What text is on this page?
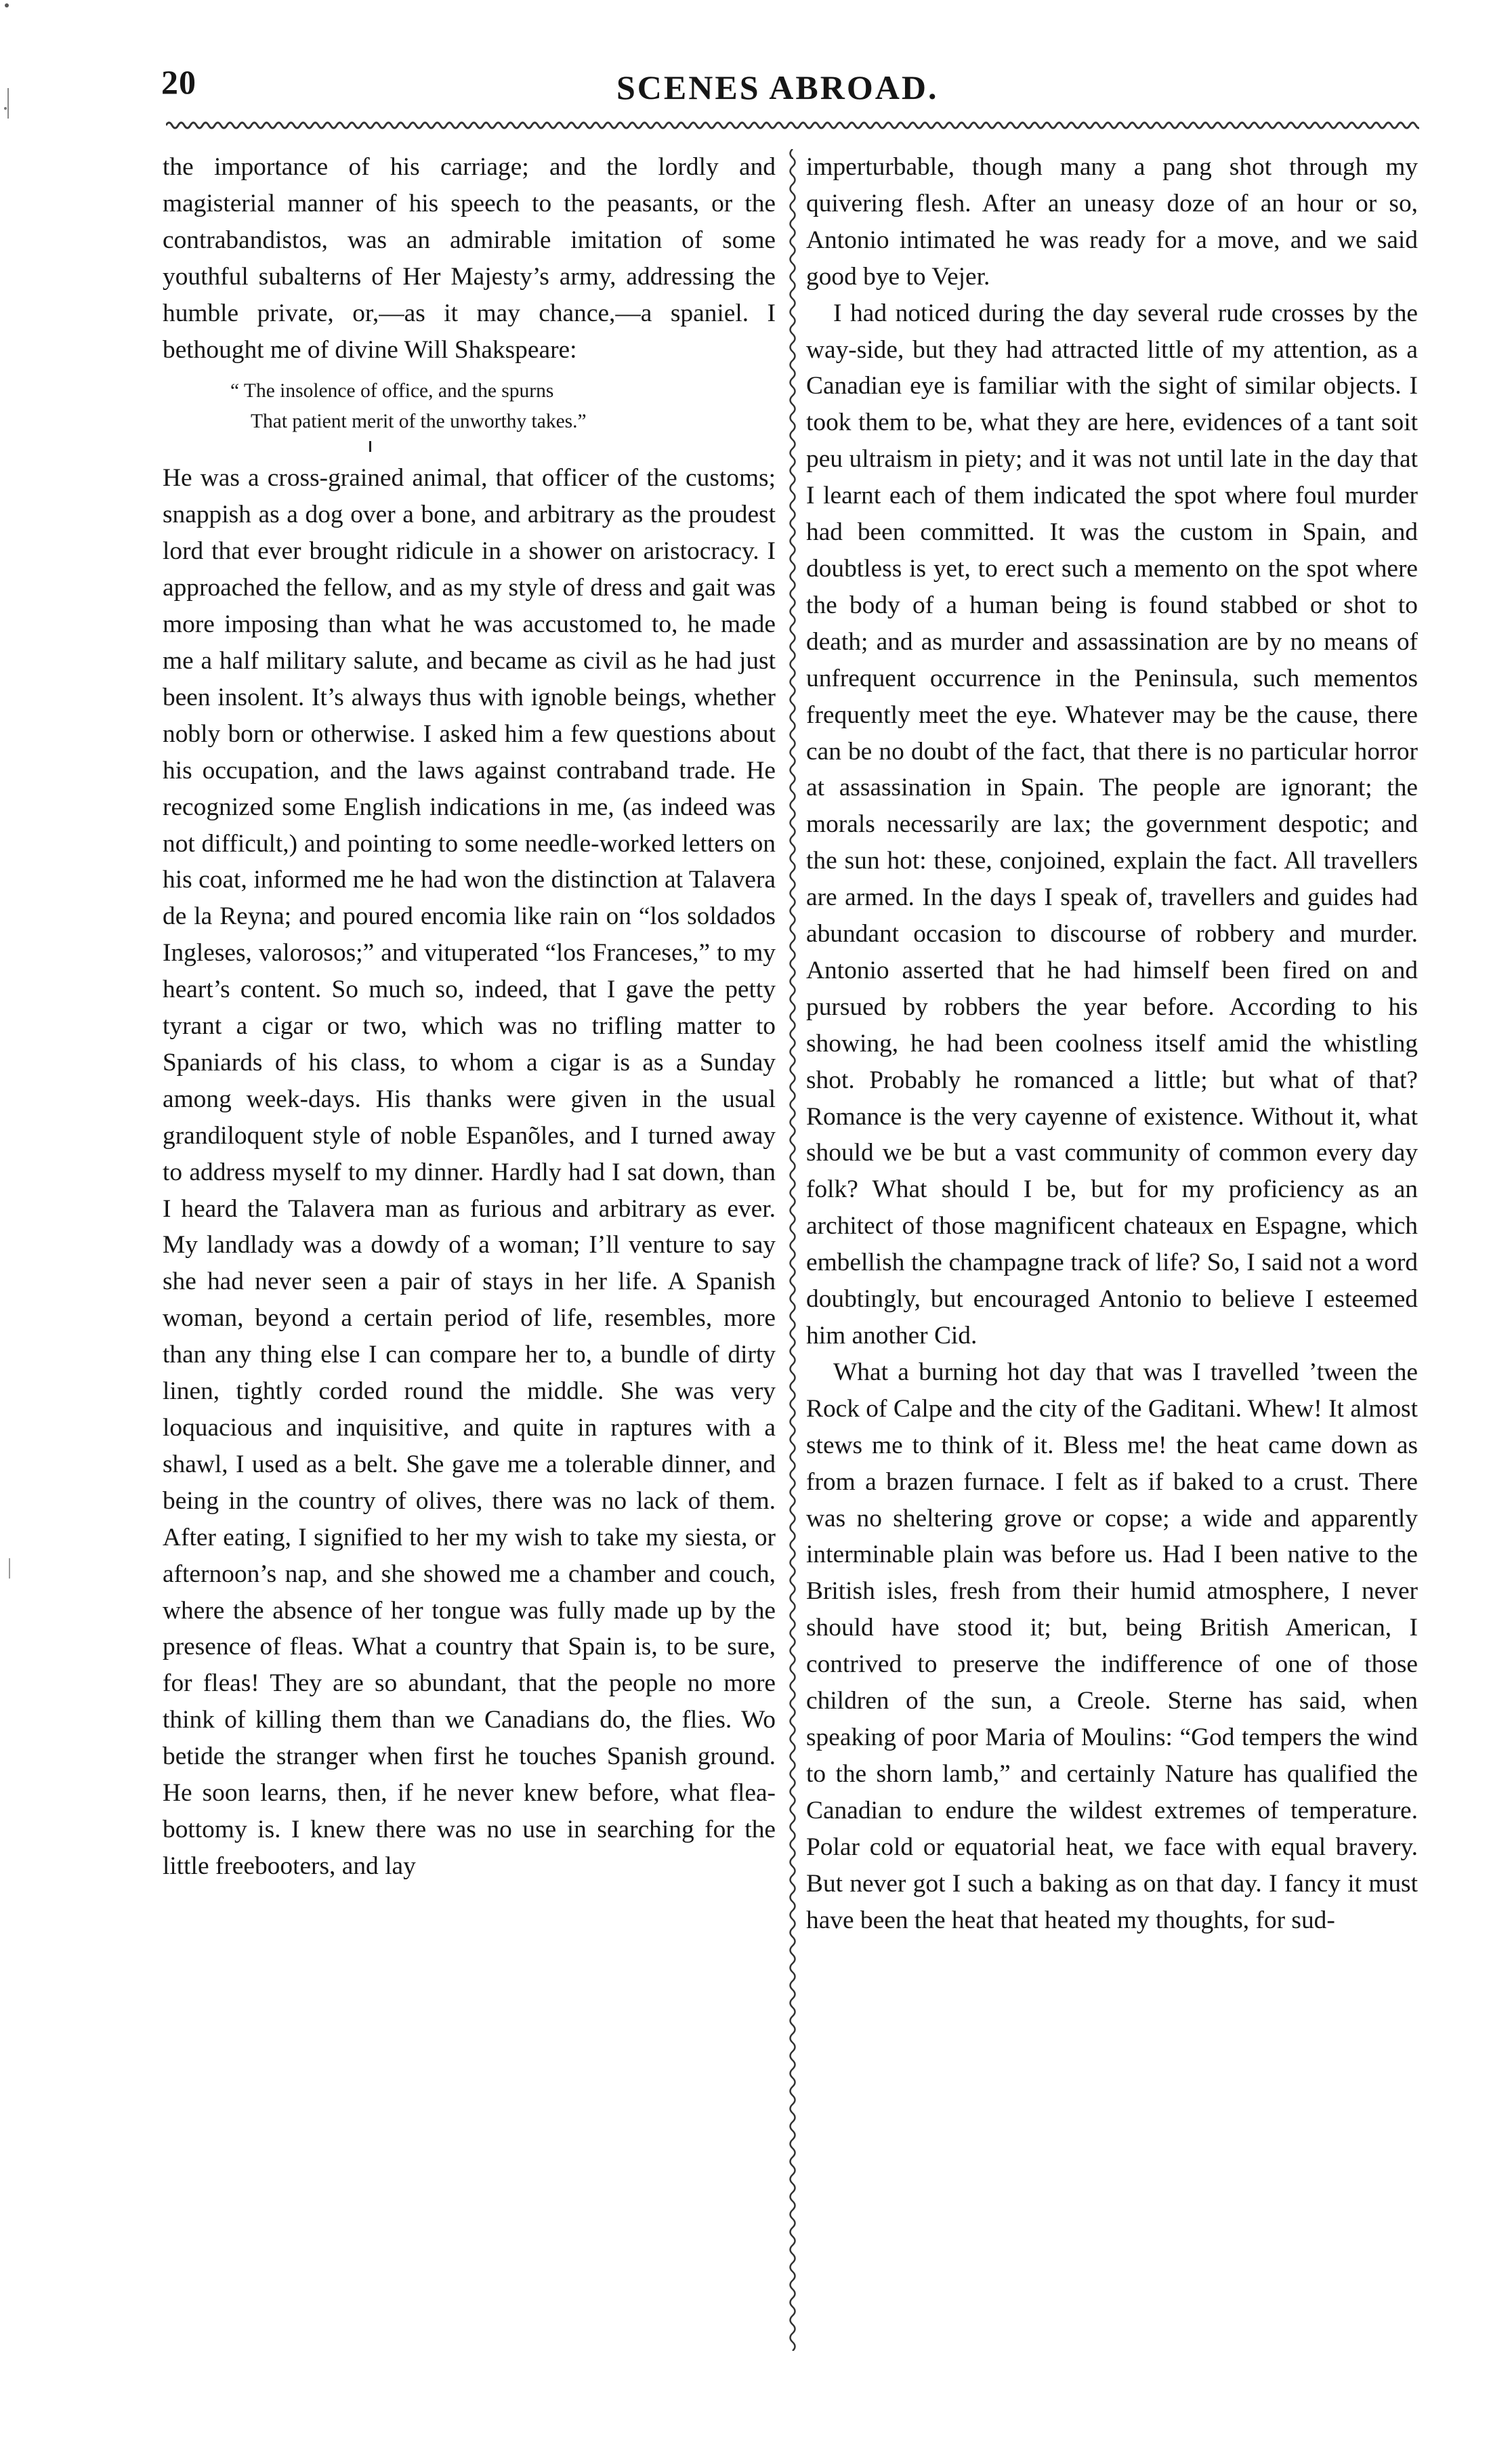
20	SCENES ABROAD.

the importance of his carriage; and the lordly and magisterial manner of his speech to the peasants, or the contrabandistos, was an admirable imitation of some youthful subalterns of Her Majesty’s army, addressing the humble private, or,—as it may chance,—a spaniel. I bethought me of divine Will Shakspeare:

“ The insolence of office, and the spurns
That patient merit of the unworthy takes.”

He was a cross-grained animal, that officer of the customs; snappish as a dog over a bone, and arbitrary as the proudest lord that ever brought ridicule in a shower on aristocracy. I approached the fellow, and as my style of dress and gait was more imposing than what he was accustomed to, he made me a half military salute, and became as civil as he had just been insolent. It’s always thus with ignoble beings, whether nobly born or otherwise. I asked him a few questions about his occupation, and the laws against contraband trade. He recognized some English indications in me, (as indeed was not difficult,) and pointing to some needle-worked letters on his coat, informed me he had won the distinction at Talavera de la Reyna; and poured encomia like rain on “los soldados Ingleses, valorosos;” and vituperated “los Franceses,” to my heart’s content. So much so, indeed, that I gave the petty tyrant a cigar or two, which was no trifling matter to Spaniards of his class, to whom a cigar is as a Sunday among week-days. His thanks were given in the usual grandiloquent style of noble Espanõles, and I turned away to address myself to my dinner. Hardly had I sat down, than I heard the Talavera man as furious and arbitrary as ever. My landlady was a dowdy of a woman; I’ll venture to say she had never seen a pair of stays in her life. A Spanish woman, beyond a certain period of life, resembles, more than any thing else I can compare her to, a bundle of dirty linen, tightly corded round the middle. She was very loquacious and inquisitive, and quite in raptures with a shawl, I used as a belt. She gave me a tolerable dinner, and being in the country of olives, there was no lack of them. After eating, I signified to her my wish to take my siesta, or afternoon’s nap, and she showed me a chamber and couch, where the absence of her tongue was fully made up by the presence of fleas. What a country that Spain is, to be sure, for fleas! They are so abundant, that the people no more think of killing them than we Canadians do, the flies. Wo betide the stranger when first he touches Spanish ground. He soon learns, then, if he never knew before, what flea-bottomy is. I knew there was no use in searching for the little freebooters, and lay

imperturbable, though many a pang shot through my quivering flesh. After an uneasy doze of an hour or so, Antonio intimated he was ready for a move, and we said good bye to Vejer.

I had noticed during the day several rude crosses by the way-side, but they had attracted little of my attention, as a Canadian eye is familiar with the sight of similar objects. I took them to be, what they are here, evidences of a tant soit peu ultraism in piety; and it was not until late in the day that I learnt each of them indicated the spot where foul murder had been committed. It was the custom in Spain, and doubtless is yet, to erect such a memento on the spot where the body of a human being is found stabbed or shot to death; and as murder and assassination are by no means of unfrequent occurrence in the Peninsula, such mementos frequently meet the eye. Whatever may be the cause, there can be no doubt of the fact, that there is no particular horror at assassination in Spain. The people are ignorant; the morals necessarily are lax; the government despotic; and the sun hot: these, conjoined, explain the fact. All travellers are armed. In the days I speak of, travellers and guides had abundant occasion to discourse of robbery and murder. Antonio asserted that he had himself been fired on and pursued by robbers the year before. According to his showing, he had been coolness itself amid the whistling shot. Probably he romanced a little; but what of that? Romance is the very cayenne of existence. Without it, what should we be but a vast community of common every day folk? What should I be, but for my proficiency as an architect of those magnificent chateaux en Espagne, which embellish the champagne track of life? So, I said not a word doubtingly, but encouraged Antonio to believe I esteemed him another Cid.

What a burning hot day that was I travelled ’tween the Rock of Calpe and the city of the Gaditani. Whew! It almost stews me to think of it. Bless me! the heat came down as from a brazen furnace. I felt as if baked to a crust. There was no sheltering grove or copse; a wide and apparently interminable plain was before us. Had I been native to the British isles, fresh from their humid atmosphere, I never should have stood it; but, being British American, I contrived to preserve the indifference of one of those children of the sun, a Creole. Sterne has said, when speaking of poor Maria of Moulins: “God tempers the wind to the shorn lamb,” and certainly Nature has qualified the Canadian to endure the wildest extremes of temperature. Polar cold or equatorial heat, we face with equal bravery. But never got I such a baking as on that day. I fancy it must have been the heat that heated my thoughts, for sud-
